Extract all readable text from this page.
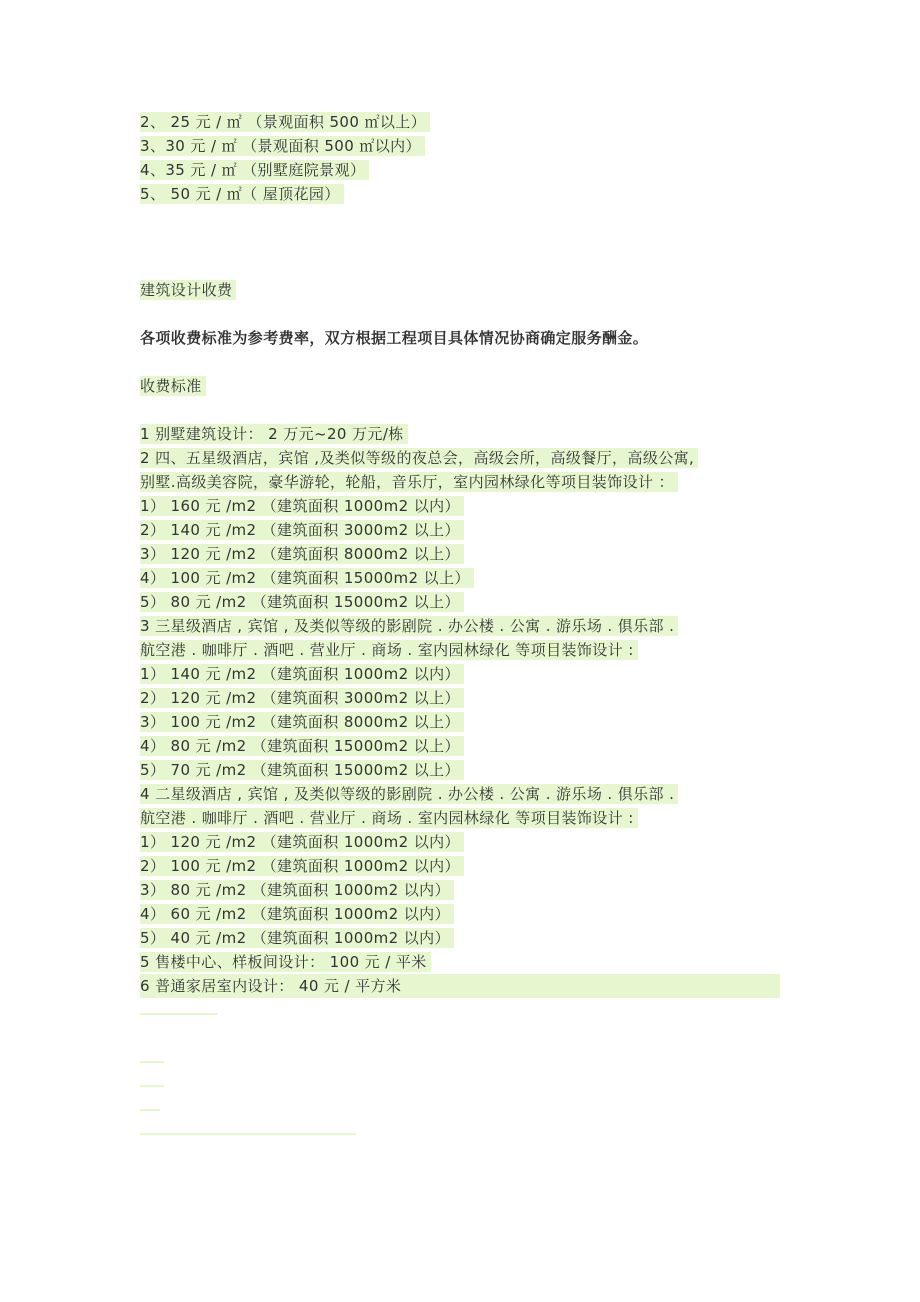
2、 25 元 / ㎡ （景观面积 500 ㎡以上）
3、30 元 / ㎡ （景观面积 500 ㎡以内）
4、35 元 / ㎡ （别墅庭院景观）
5、 50 元 / ㎡（ 屋顶花园）
建筑设计收费
各项收费标准为参考费率，双方根据工程项目具体情况协商确定服务酬金。
收费标准
1 别墅建筑设计： 2 万元~20 万元/栋
2 四、五星级酒店，宾馆 ,及类似等级的夜总会，高级会所，高级餐厅，高级公寓,
别墅.高级美容院，豪华游轮，轮船，音乐厅，室内园林绿化等项目装饰设计 ：
1） 160 元 /m2 （建筑面积 1000m2 以内）
2） 140 元 /m2 （建筑面积 3000m2 以上）
3） 120 元 /m2 （建筑面积 8000m2 以上）
4） 100 元 /m2 （建筑面积 15000m2 以上）
5） 80 元 /m2 （建筑面积 15000m2 以上）
3 三星级酒店 , 宾馆 , 及类似等级的影剧院 . 办公楼 . 公寓 . 游乐场 . 俱乐部 .
航空港 . 咖啡厅 . 酒吧 . 营业厅 . 商场 . 室内园林绿化 等项目装饰设计 :
1） 140 元 /m2 （建筑面积 1000m2 以内）
2） 120 元 /m2 （建筑面积 3000m2 以上）
3） 100 元 /m2 （建筑面积 8000m2 以上）
4） 80 元 /m2 （建筑面积 15000m2 以上）
5） 70 元 /m2 （建筑面积 15000m2 以上）
4 二星级酒店 , 宾馆 , 及类似等级的影剧院 . 办公楼 . 公寓 . 游乐场 . 俱乐部 .
航空港 . 咖啡厅 . 酒吧 . 营业厅 . 商场 . 室内园林绿化 等项目装饰设计 :
1） 120 元 /m2 （建筑面积 1000m2 以内）
2） 100 元 /m2 （建筑面积 1000m2 以内）
3） 80 元 /m2 （建筑面积 1000m2 以内）
4） 60 元 /m2 （建筑面积 1000m2 以内）
5） 40 元 /m2 （建筑面积 1000m2 以内）
5 售楼中心、样板间设计： 100 元 / 平米
6 普通家居室内设计： 40 元 / 平方米
